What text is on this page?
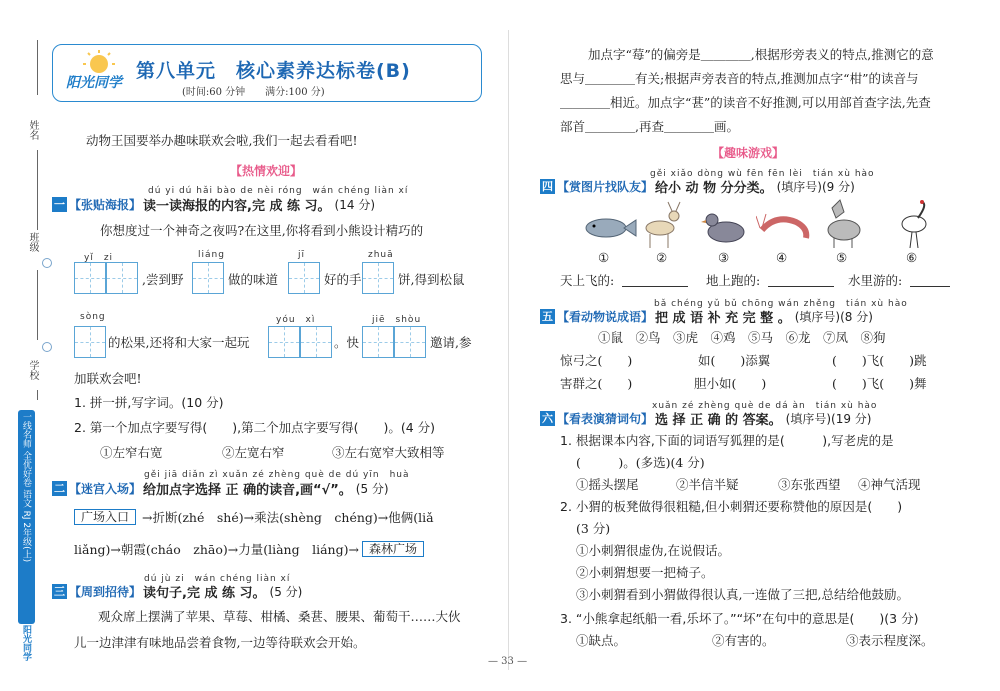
姓名
班级
学校
一线名师 全优好卷 语文 RJ 2年级(上)
阳光同学
阳光同学
第八单元　核心素养达标卷(B)
(时间:60 分钟　　满分:100 分)
动物王国要举办趣味联欢会啦,我们一起去看看吧!
【热情欢迎】
dú yi dú hǎi bào de nèi róng　wán chéng liàn xí
一 【张贴海报】 读一读海报的内容,完 成 练 习。 (14 分)
你想度过一个神奇之夜吗?在这里,你将看到小熊设计精巧的
yǐ　zi	liáng	jī	zhuā
,尝到野	做的味道	好的手	饼,得到松鼠
sòng	yóu　xì	jiē　shòu
的松果,还将和大家一起玩	。快	邀请,参
加联欢会吧!
1. 拼一拼,写字词。(10 分)
2. 第一个加点字要写得(　　),第二个加点字要写得(　　)。(4 分)
①左窄右宽	②左宽右窄	③左右宽窄大致相等
gěi jiā diǎn zì xuǎn zé zhèng què de dú yīn　huà
二 【迷宫入场】 给加点字选择 正 确的读音,画“√”。 (5 分)
广场入口	→折断(zhé　shé)→乘法(shèng　chéng)→他俩(liǎ
liǎng)→朝霞(cháo　zhāo)→力量(liàng　liáng)→ 森林广场
dú jù zi　wán chéng liàn xí
三 【周到招待】 读句子,完 成 练 习。 (5 分)
观众席上摆满了苹果、草莓、柑橘、桑葚、腰果、葡萄干……大伙
儿一边津津有味地品尝着食物,一边等待联欢会开始。
加点字“莓”的偏旁是＿＿＿＿,根据形旁表义的特点,推测它的意
思与＿＿＿＿有关;根据声旁表音的特点,推测加点字“柑”的读音与
＿＿＿＿相近。加点字“葚”的读音不好推测,可以用部首查字法,先查
部首＿＿＿＿,再查＿＿＿＿画。
【趣味游戏】
gěi xiǎo dòng wù fēn fēn lèi　tián xù hào
四 【赏图片找队友】 给小 动 物 分分类。 (填序号)(9 分)
①	②	③	④	⑤	⑥
天上飞的:	地上跑的:	水里游的:
bǎ chéng yǔ bǔ chōng wán zhěng　tián xù hào
五 【看动物说成语】 把 成 语 补 充 完 整 。 (填序号)(8 分)
①鼠　②鸟　③虎　④鸡　⑤马　⑥龙　⑦凤　⑧狗
惊弓之(　　)	如(　　)添翼	(　　)飞(　　)跳
害群之(　　)	胆小如(　　)	(　　)飞(　　)舞
xuǎn zé zhèng què de dá àn　tián xù hào
六 【看表演猜词句】 选 择 正 确 的 答案。 (填序号)(19 分)
1. 根据课本内容,下面的词语写狐狸的是(　　　),写老虎的是
(　　　)。(多选)(4 分)
①摇头摆尾	②半信半疑	③东张西望 ④神气活现
2. 小猬的板凳做得很粗糙,但小刺猬还要称赞他的原因是(　　)
(3 分)
①小刺猬很虚伪,在说假话。
②小刺猬想要一把椅子。
③小刺猬看到小猬做得很认真,一连做了三把,总结给他鼓励。
3. “小熊拿起纸船一看,乐坏了。”“坏”在句中的意思是(　　)(3 分)
①缺点。	②有害的。	③表示程度深。
— 33 —
